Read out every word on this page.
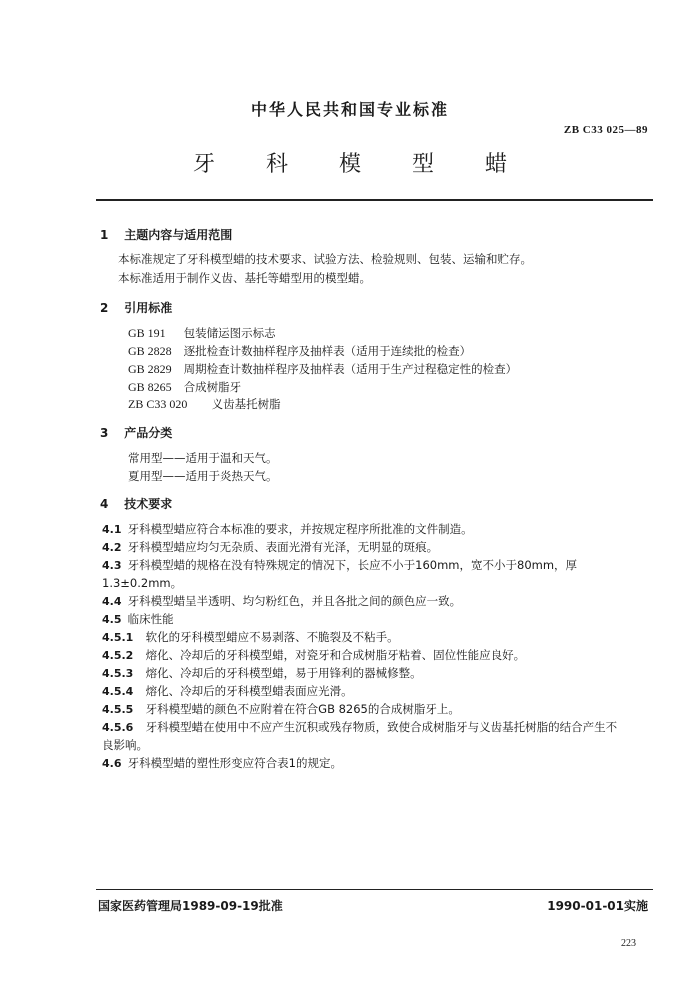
中华人民共和国专业标准
ZB C33 025—89
牙 科 模 型 蜡
1 主题内容与适用范围
本标准规定了牙科模型蜡的技术要求、试验方法、检验规则、包装、运输和贮存。
本标准适用于制作义齿、基托等蜡型用的模型蜡。
2 引用标准
GB 191 包装储运图示标志
GB 2828 逐批检查计数抽样程序及抽样表（适用于连续批的检查）
GB 2829 周期检查计数抽样程序及抽样表（适用于生产过程稳定性的检查）
GB 8265 合成树脂牙
ZB C33 020 义齿基托树脂
3 产品分类
常用型——适用于温和天气。
夏用型——适用于炎热天气。
4 技术要求
4.1 牙科模型蜡应符合本标准的要求，并按规定程序所批准的文件制造。
4.2 牙科模型蜡应均匀无杂质、表面光滑有光泽，无明显的斑痕。
4.3 牙科模型蜡的规格在没有特殊规定的情况下，长应不小于160mm，宽不小于80mm，厚
1.3±0.2mm。
4.4 牙科模型蜡呈半透明、均匀粉红色，并且各批之间的颜色应一致。
4.5 临床性能
4.5.1 软化的牙科模型蜡应不易剥落、不脆裂及不粘手。
4.5.2 熔化、冷却后的牙科模型蜡，对瓷牙和合成树脂牙粘着、固位性能应良好。
4.5.3 熔化、冷却后的牙科模型蜡，易于用锋利的器械修整。
4.5.4 熔化、冷却后的牙科模型蜡表面应光滑。
4.5.5 牙科模型蜡的颜色不应附着在符合GB 8265的合成树脂牙上。
4.5.6 牙科模型蜡在使用中不应产生沉积或残存物质，致使合成树脂牙与义齿基托树脂的结合产生不
良影响。
4.6 牙科模型蜡的塑性形变应符合表1的规定。
国家医药管理局1989-09-19批准	1990-01-01实施
223
